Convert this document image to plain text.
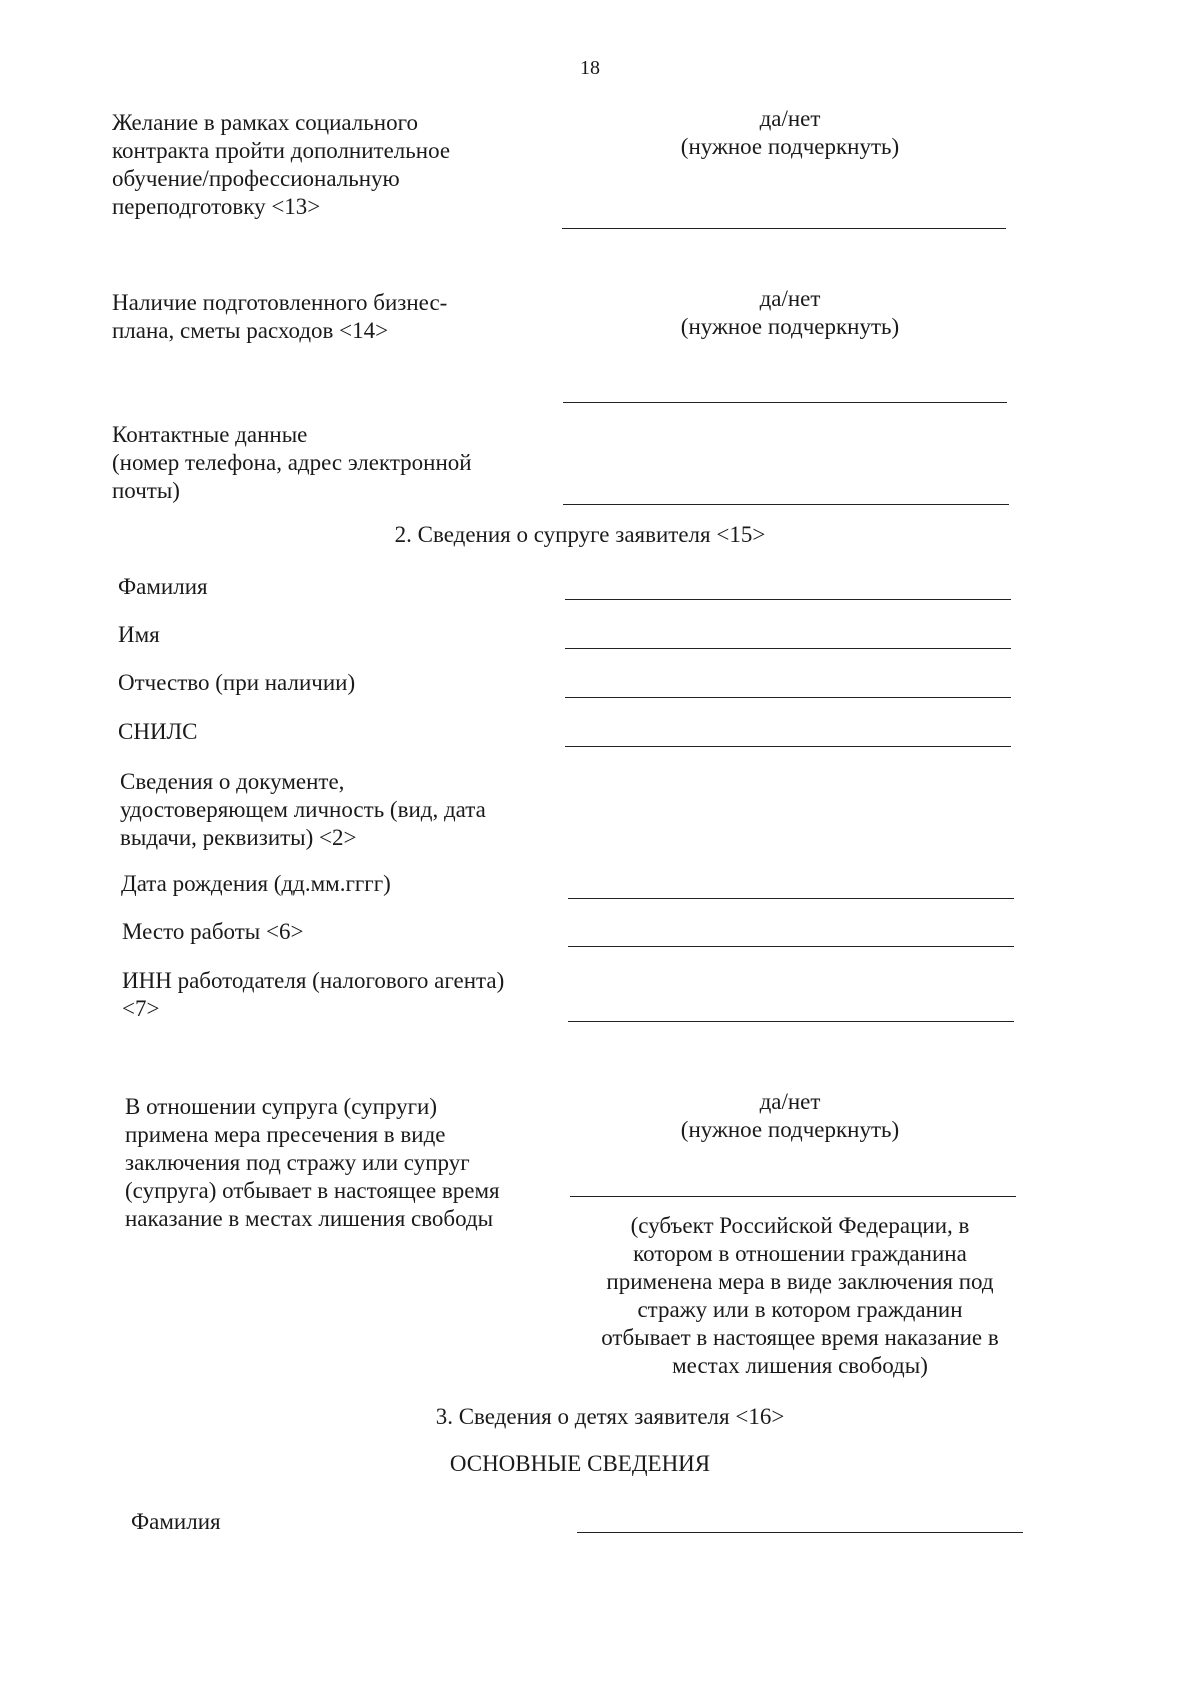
18
Желание в рамках социального
контракта пройти дополнительное
обучение/профессиональную
переподготовку <13>
да/нет
(нужное подчеркнуть)
Наличие подготовленного бизнес-
плана, сметы расходов <14>
да/нет
(нужное подчеркнуть)
Контактные данные
(номер телефона, адрес электронной
почты)
2. Сведения о супруге заявителя <15>
Фамилия
Имя
Отчество (при наличии)
СНИЛС
Сведения о документе,
удостоверяющем личность (вид, дата
выдачи, реквизиты) <2>
Дата рождения (дд.мм.гггг)
Место работы <6>
ИНН работодателя (налогового агента)
<7>
В отношении супруга (супруги)
примена мера пресечения в виде
заключения под стражу или супруг
(супруга) отбывает в настоящее время
наказание в местах лишения свободы
да/нет
(нужное подчеркнуть)
(субъект Российской Федерации, в
котором в отношении гражданина
применена мера в виде заключения под
стражу или в котором гражданин
отбывает в настоящее время наказание в
местах лишения свободы)
3. Сведения о детях заявителя <16>
ОСНОВНЫЕ СВЕДЕНИЯ
Фамилия
